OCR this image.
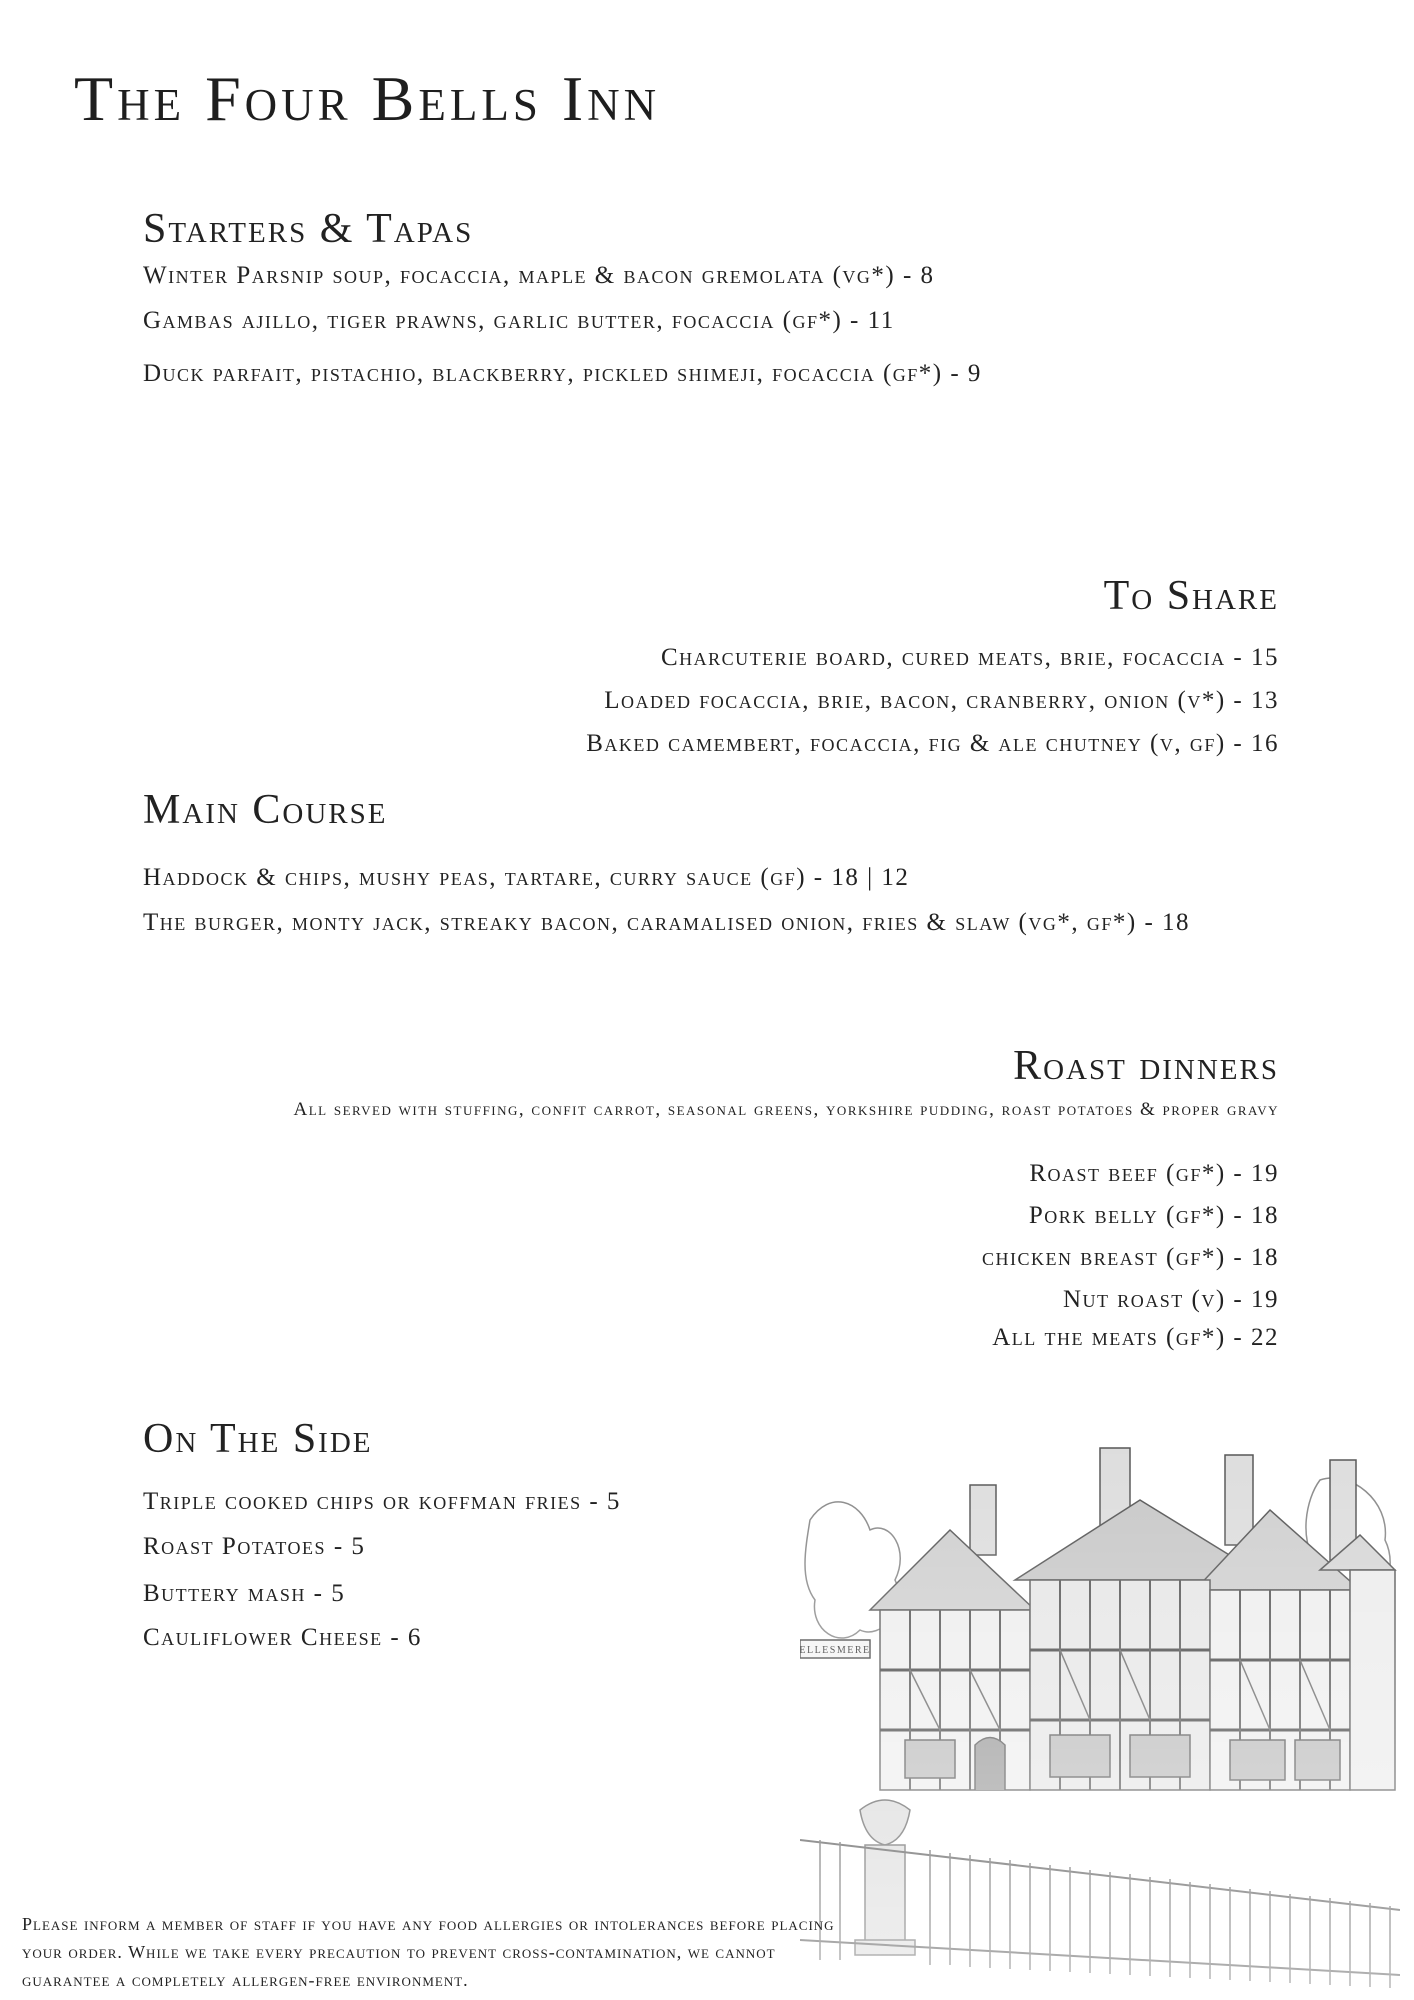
The Four Bells Inn
Starters & Tapas
Winter Parsnip soup, focaccia, maple & bacon gremolata (vg*) - 8
Gambas ajillo, tiger prawns, garlic butter, focaccia (gf*) - 11
Duck parfait, pistachio, blackberry, pickled shimeji, focaccia (gf*) - 9
To Share
Charcuterie board, cured meats, brie, focaccia - 15
Loaded focaccia, brie, bacon, cranberry, onion (v*) - 13
Baked camembert, focaccia, fig & ale chutney (v, gf) - 16
Main Course
Haddock & chips, mushy peas, tartare, curry sauce (gf) - 18 | 12
The burger, monty jack, streaky bacon, caramalised onion, fries & slaw (vg*, gf*) - 18
Roast dinners
All served with stuffing, confit carrot, seasonal greens, yorkshire pudding, roast potatoes & proper gravy
Roast beef (gf*) - 19
Pork belly (gf*) - 18
chicken breast (gf*) - 18
Nut roast (v) - 19
All the meats (gf*) - 22
On The Side
Triple cooked chips or koffman fries - 5
Roast Potatoes - 5
Buttery mash - 5
Cauliflower Cheese - 6
Please inform a member of staff if you have any food allergies or intolerances before placing your order. While we take every precaution to prevent cross-contamination, we cannot guarantee a completely allergen-free environment.
